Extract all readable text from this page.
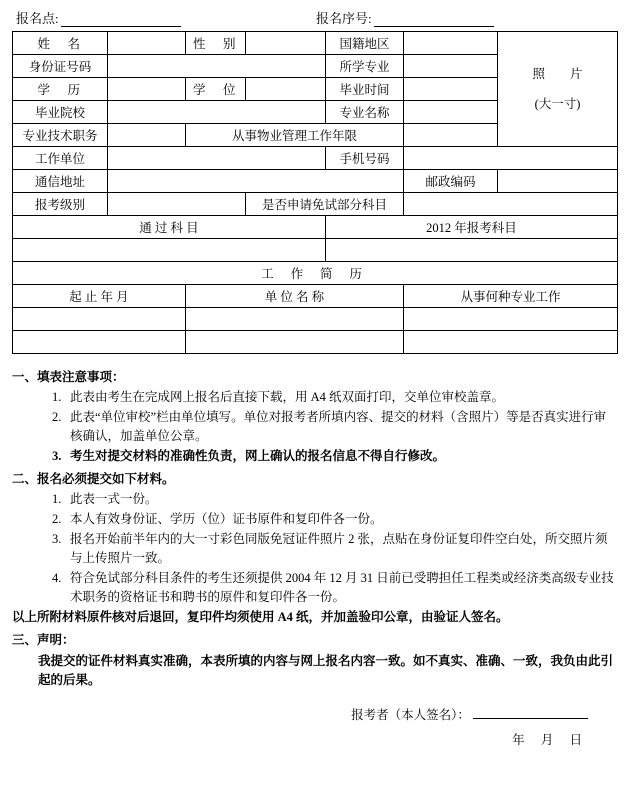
报名点:	报名序号:
姓　名		性　别		国籍地区		照　片
(大一寸)

身份证号码				所学专业		
学　历		学　位		毕业时间		
毕业院校				专业名称		
专业技术职务		从事物业管理工作年限				
工作单位				手机号码		
通信地址					邮政编码	
报考级别			是否申请免试部分科目			
通 过 科 目				2012 年报考科目		

工 作 简 历						
起 止 年 月		单 位 名 称			从事何种专业工作	

一、填表注意事项：
1. 此表由考生在完成网上报名后直接下载，用 A4 纸双面打印，交单位审校盖章。
2. 此表“单位审校”栏由单位填写。单位对报考者所填内容、提交的材料（含照片）等是否真实进行审核确认，加盖单位公章。
3. 考生对提交材料的准确性负责，网上确认的报名信息不得自行修改。
二、报名必须提交如下材料。
1. 此表一式一份。
2. 本人有效身份证、学历（位）证书原件和复印件各一份。
3. 报名开始前半年内的大一寸彩色同版免冠证件照片 2 张，点贴在身份证复印件空白处，所交照片须与上传照片一致。
4. 符合免试部分科目条件的考生还须提供 2004 年 12 月 31 日前已受聘担任工程类或经济类高级专业技术职务的资格证书和聘书的原件和复印件各一份。
以上所附材料原件核对后退回，复印件均须使用 A4 纸，并加盖验印公章，由验证人签名。
三、声明：
我提交的证件材料真实准确，本表所填的内容与网上报名内容一致。如不真实、准确、一致，我负由此引起的后果。
报考者（本人签名）：
年　月　日
